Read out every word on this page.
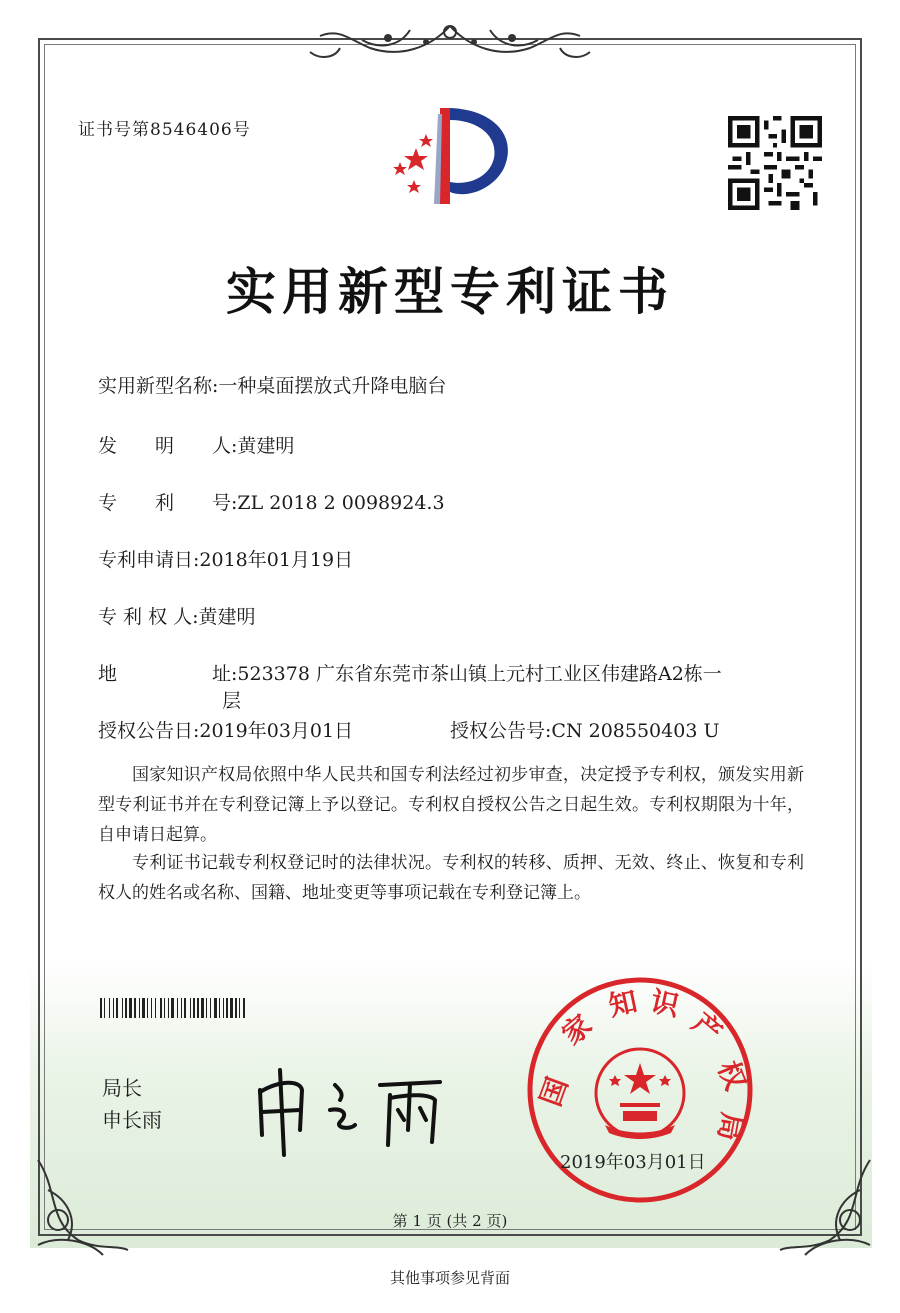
证书号第8546406号
实用新型专利证书
实用新型名称:一种桌面摆放式升降电脑台
发　　明　　人:黄建明
专　　利　　号:ZL 2018 2 0098924.3
专利申请日:2018年01月19日
专 利 权 人:黄建明
地　　　　　址:523378 广东省东莞市茶山镇上元村工业区伟建路A2栋一
层
授权公告日:2019年03月01日	授权公告号:CN 208550403 U
国家知识产权局依照中华人民共和国专利法经过初步审查，决定授予专利权，颁发实用新型专利证书并在专利登记簿上予以登记。专利权自授权公告之日起生效。专利权期限为十年，自申请日起算。
专利证书记载专利权登记时的法律状况。专利权的转移、质押、无效、终止、恢复和专利权人的姓名或名称、国籍、地址变更等事项记载在专利登记簿上。
局长
申长雨
国
家
知 识
产
权
局
2019年03月01日
第 1 页 (共 2 页)
其他事项参见背面
